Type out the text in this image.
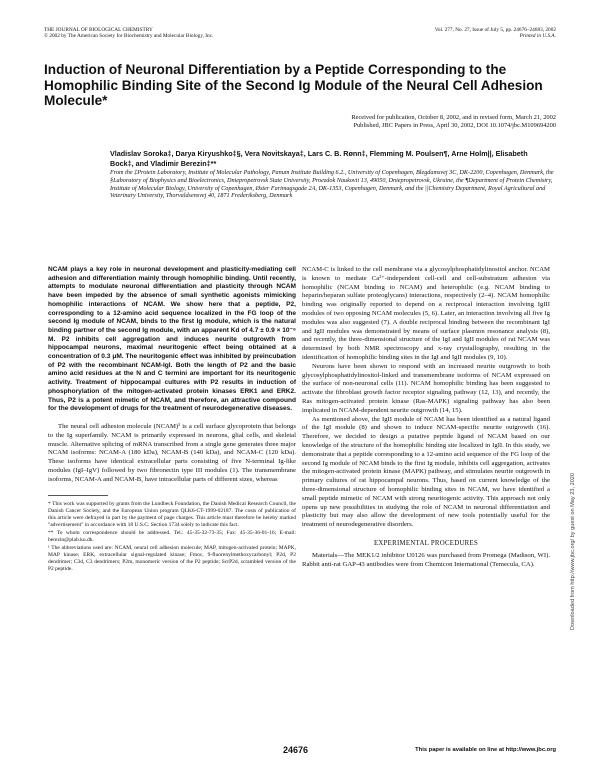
THE JOURNAL OF BIOLOGICAL CHEMISTRY
© 2002 by The American Society for Biochemistry and Molecular Biology, Inc.
Vol. 277, No. 27, Issue of July 5, pp. 24676–24683, 2002
Printed in U.S.A.
Induction of Neuronal Differentiation by a Peptide Corresponding to the Homophilic Binding Site of the Second Ig Module of the Neural Cell Adhesion Molecule*
Received for publication, October 8, 2002, and in revised form, March 21, 2002
Published, JBC Papers in Press, April 30, 2002, DOI 10.1074/jbc.M109694200
Vladislav Soroka‡, Darya Kiryushko‡§, Vera Novitskaya‡, Lars C. B. Rønn‡, Flemming M. Poulsen¶, Arne Holm||, Elisabeth Bock‡, and Vladimir Berezin‡**
From the ‡Protein Laboratory, Institute of Molecular Pathology, Panum Institute Building 6.2., University of Copenhagen, Blegdamsvej 3C, DK-2200, Copenhagen, Denmark, the §Laboratory of Biophysics and Bioelectronics, Dniepropetrovsk State University, Proezdok Naukovii 13, 49050, Dniepropetrovsk, Ukraine, the ¶Department of Protein Chemistry, Institute of Molecular Biology, University of Copenhagen, Øster Farimagsgade 2A, DK-1353, Copenhagen, Denmark, and the ||Chemistry Department, Royal Agricultural and Veterinary University, Thorvaldsensvej 40, 1871 Frederiksberg, Denmark
NCAM plays a key role in neuronal development and plasticity-mediating cell adhesion and differentiation mainly through homophilic binding. Until recently, attempts to modulate neuronal differentiation and plasticity through NCAM have been impeded by the absence of small synthetic agonists mimicking homophilic interactions of NCAM. We show here that a peptide, P2, corresponding to a 12-amino acid sequence localized in the FG loop of the second Ig module of NCAM, binds to the first Ig module, which is the natural binding partner of the second Ig module, with an apparent Kd of 4.7 ± 0.9 × 10⁻⁶ M. P2 inhibits cell aggregation and induces neurite outgrowth from hippocampal neurons, maximal neuritogenic effect being obtained at a concentration of 0.3 μM. The neuritogenic effect was inhibited by preincubation of P2 with the recombinant NCAM-IgI. Both the length of P2 and the basic amino acid residues at the N and C termini are important for its neuritogenic activity. Treatment of hippocampal cultures with P2 results in induction of phosphorylation of the mitogen-activated protein kinases ERK1 and ERK2. Thus, P2 is a potent mimetic of NCAM, and therefore, an attractive compound for the development of drugs for the treatment of neurodegenerative diseases.

The neural cell adhesion molecule (NCAM)¹ is a cell surface glycoprotein that belongs to the Ig superfamily. NCAM is primarily expressed in neurons, glial cells, and skeletal muscle. Alternative splicing of mRNA transcribed from a single gene generates three major NCAM isoforms: NCAM-A (180 kDa), NCAM-B (140 kDa), and NCAM-C (120 kDa). These isoforms have identical extracellular parts consisting of five N-terminal Ig-like modules (IgI–IgV) followed by two fibronectin type III modules (1). The transmembrane isoforms, NCAM-A and NCAM-B, have intracellular parts of different sizes, whereas

* This work was supported by grants from the Lundbeck Foundation, the Danish Medical Research Council, the Danish Cancer Society, and the European Union program QLK6-CT-1999-02187. The costs of publication of this article were defrayed in part by the payment of page charges. This article must therefore be hereby marked "advertisement" in accordance with 18 U.S.C. Section 1734 solely to indicate this fact.
** To whom correspondence should be addressed. Tel.: 45-35-32-73-35; Fax: 45-35-36-01-16; E-mail: berezin@plab.ku.dk.
¹ The abbreviations used are: NCAM, neural cell adhesion molecule; MAP, mitogen-activated protein; MAPK, MAP kinase; ERK, extracellular signal-regulated kinase; Fmoc, 9-fluorenylmethoxycarbonyl; P2d, P2 dendrimer; C3d, C3 dendrimers; P2m, monomeric version of the P2 peptide; ScrP2d, scrambled version of the P2 peptide.

NCAM-C is linked to the cell membrane via a glycosylphosphatidylinositol anchor. NCAM is known to mediate Ca²⁺-independent cell-cell and cell-substratum adhesion via homophilic (NCAM binding to NCAM) and heterophilic (e.g. NCAM binding to heparin/heparan sulfate proteoglycans) interactions, respectively (2–4). NCAM homophilic binding was originally reported to depend on a reciprocal interaction involving IgIII modules of two opposing NCAM molecules (5, 6). Later, an interaction involving all five Ig modules was also suggested (7). A double reciprocal binding between the recombinant IgI and IgII modules was demonstrated by means of surface plasmon resonance analysis (8), and recently, the three-dimensional structure of the IgI and IgII modules of rat NCAM was determined by both NMR spectroscopy and x-ray crystallography, resulting in the identification of homophilic binding sites in the IgI and IgII modules (9, 10).

Neurons have been shown to respond with an increased neurite outgrowth to both glycosylphosphatidylinositol-linked and transmembrane isoforms of NCAM expressed on the surface of non-neuronal cells (11). NCAM homophilic binding has been suggested to activate the fibroblast growth factor receptor signaling pathway (12, 13), and recently, the Ras mitogen-activated protein kinase (Ras-MAPK) signaling pathway has also been implicated in NCAM-dependent neurite outgrowth (14, 15).

As mentioned above, the IgII module of NCAM has been identified as a natural ligand of the IgI module (8) and shown to induce NCAM-specific neurite outgrowth (16). Therefore, we decided to design a putative peptide ligand of NCAM based on our knowledge of the structure of the homophilic binding site localized in IgII. In this study, we demonstrate that a peptide corresponding to a 12-amino acid sequence of the FG loop of the second Ig module of NCAM binds to the first Ig module, inhibits cell aggregation, activates the mitogen-activated protein kinase (MAPK) pathway, and stimulates neurite outgrowth in primary cultures of rat hippocampal neurons. Thus, based on current knowledge of the three-dimensional structure of homophilic binding sites in NCAM, we have identified a small peptide mimetic of NCAM with strong neuritogenic activity. This approach not only opens up new possibilities in studying the role of NCAM in neuronal differentiation and plasticity but may also allow the development of new tools potentially useful for the treatment of neurodegenerative disorders.

EXPERIMENTAL PROCEDURES

Materials—The MEK1/2 inhibitor U0126 was purchased from Promega (Madison, WI). Rabbit anti-rat GAP-43 antibodies were from Chemicon International (Temecula, CA).	Downloaded from http://www.jbc.org/ by guest on May 23, 2020
24676	This paper is available on line at http://www.jbc.org
